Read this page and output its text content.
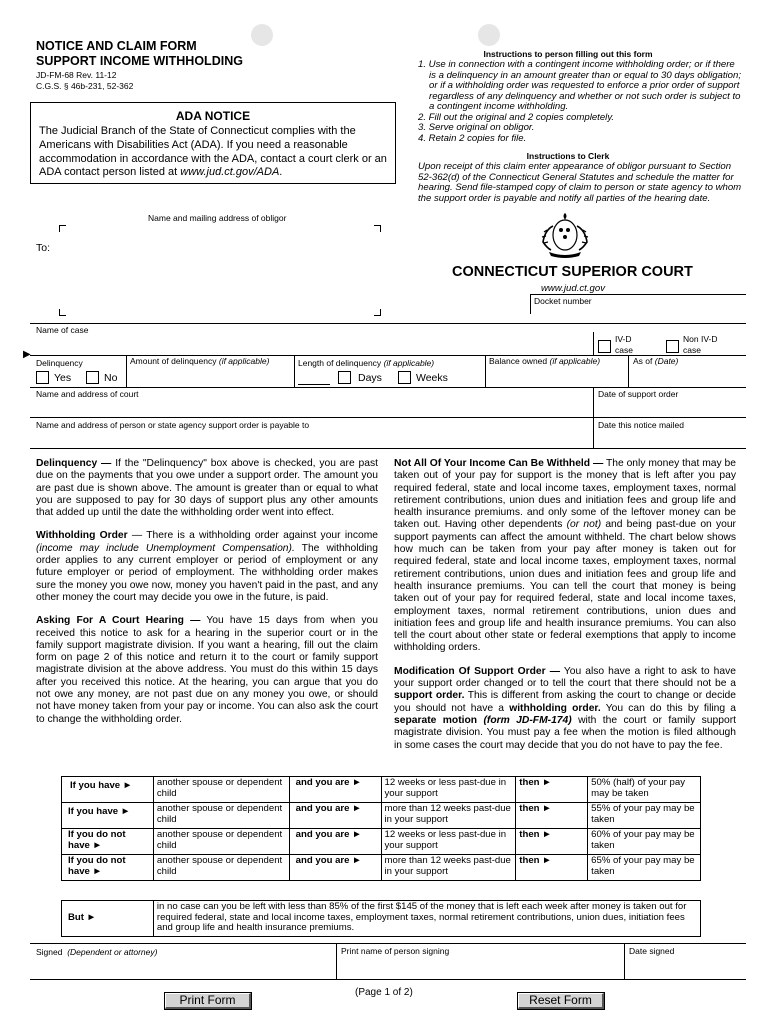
NOTICE AND CLAIM FORM
SUPPORT INCOME WITHHOLDING
JD-FM-68 Rev. 11-12
C.G.S. § 46b-231, 52-362
ADA NOTICE
The Judicial Branch of the State of Connecticut complies with the Americans with Disabilities Act (ADA). If you need a reasonable accommodation in accordance with the ADA, contact a court clerk or an ADA contact person listed at www.jud.ct.gov/ADA.
Instructions to person filling out this form
1. Use in connection with a contingent income withholding order; or if there is a delinquency in an amount greater than or equal to 30 days obligation; or if a withholding order was requested to enforce a prior order of support regardless of any delinquency and whether or not such order is subject to a contingent income withholding.
2. Fill out the original and 2 copies completely.
3. Serve original on obligor.
4. Retain 2 copies for file.
Instructions to Clerk
Upon receipt of this claim enter appearance of obligor pursuant to Section 52-362(d) of the Connecticut General Statutes and schedule the matter for hearing. Send file-stamped copy of claim to person or state agency to whom the support order is payable and notify all parties of the hearing date.
Name and mailing address of obligor
To:
CONNECTICUT SUPERIOR COURT
www.jud.ct.gov
Docket number
Name of case
IV-D case
Non IV-D case
▶
Delinquency
Yes	No
Amount of delinquency (if applicable)	Length of delinquency (if applicable)
Days	Weeks
Balance owned (if applicable)	As of (Date)
Name and address of court	Date of support order
Name and address of person or state agency support order is payable to	Date this notice mailed

Delinquency — If the "Delinquency" box above is checked, you are past due on the payments that you owe under a support order. The amount you are past due is shown above. The amount is greater than or equal to what you are supposed to pay for 30 days of support plus any other amounts that added up until the date the withholding order went into effect.

Withholding Order — There is a withholding order against your income (income may include Unemployment Compensation). The withholding order applies to any current employer or period of employment or any future employer or period of employment. The withholding order makes sure the money you owe now, money you haven't paid in the past, and any other money the court may decide you owe in the future, is paid.

Asking For A Court Hearing — You have 15 days from when you received this notice to ask for a hearing in the superior court or in the family support magistrate division. If you want a hearing, fill out the claim form on page 2 of this notice and return it to the court or family support magistrate division at the above address. You must do this within 15 days after you received this notice. At the hearing, you can argue that you do not owe any money, are not past due on any money you owe, or should not have money taken from your pay or income. You can also ask the court to change the withholding order.

Not All Of Your Income Can Be Withheld — The only money that may be taken out of your pay for support is the money that is left after you pay required federal, state and local income taxes, employment taxes, normal retirement contributions, union dues and initiation fees and group life and health insurance premiums. and only some of the leftover money can be taken out. Having other dependents (or not) and being past-due on your support payments can affect the amount withheld. The chart below shows how much can be taken from your pay after money is taken out for required federal, state and local income taxes, employment taxes, normal retirement contributions, union dues and initiation fees and group life and health insurance premiums. You can tell the court that money is being taken out of your pay for required federal, state and local income taxes, employment taxes, normal retirement contributions, union dues and initiation fees and group life and health insurance premiums. You can also tell the court about other state or federal exemptions that apply to income withholding orders.

Modification Of Support Order — You also have a right to ask to have your support order changed or to tell the court that there should not be a support order. This is different from asking the court to change or decide you should not have a withholding order. You can do this by filing a separate motion (form JD-FM-174) with the court or family support magistrate division. You must pay a fee when the motion is filed although in some cases the court may decide that you do not have to pay the fee.

If you have ►	another spouse or dependent child	and you are ►	12 weeks or less past-due in your support	then ►	50% (half) of your pay may be taken
If you have ►	another spouse or dependent child	and you are ►	more than 12 weeks past-due in your support	then ►	55% of your pay may be taken
If you do not have ►	another spouse or dependent child	and you are ►	12 weeks or less past-due in your support	then ►	60% of your pay may be taken
If you do not have ►	another spouse or dependent child	and you are ►	more than 12 weeks past-due in your support	then ►	65% of your pay may be taken
But ►	in no case can you be left with less than 85% of the first $145 of the money that is left each week after money is taken out for required federal, state and local income taxes, employment taxes, normal retirement contributions, union dues, initiation fees and group life and health insurance premiums.
Signed (Dependent or attorney)	Print name of person signing	Date signed
(Page 1 of 2)
Print Form	Reset Form
